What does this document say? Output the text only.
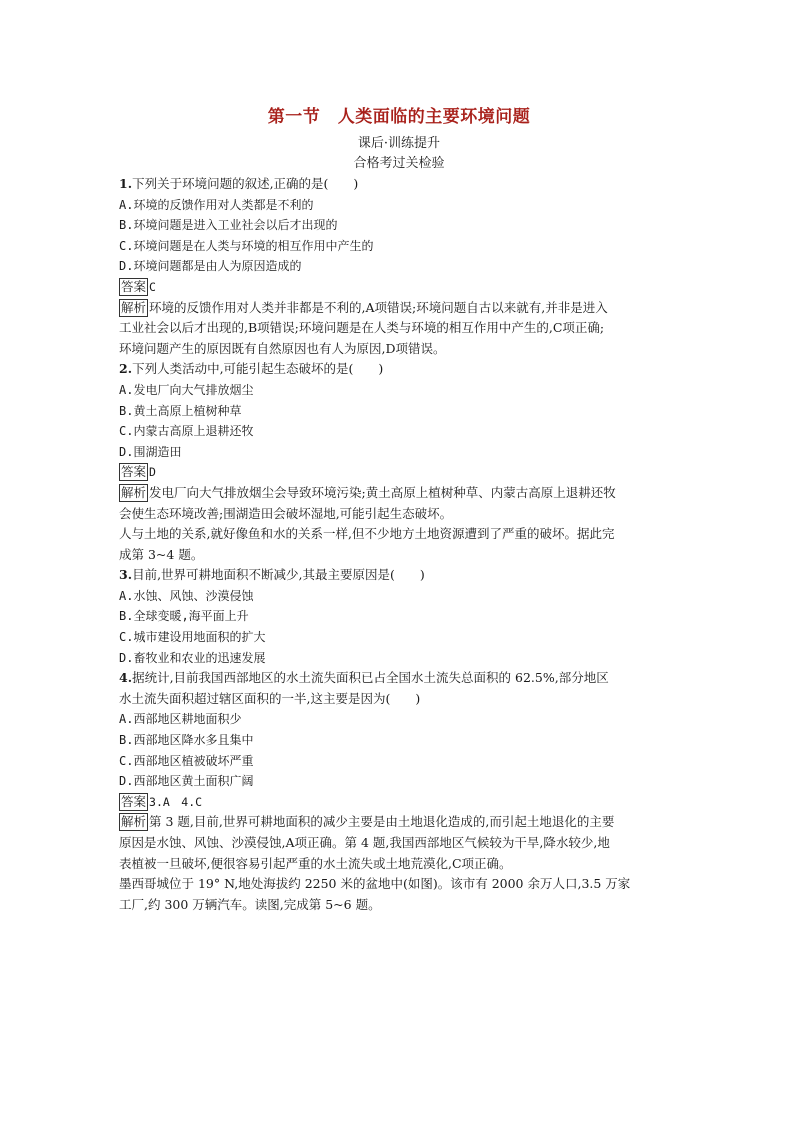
第一节　人类面临的主要环境问题
课后·训练提升
合格考过关检验
1.下列关于环境问题的叙述,正确的是(　　)
A.环境的反馈作用对人类都是不利的
B.环境问题是进入工业社会以后才出现的
C.环境问题是在人类与环境的相互作用中产生的
D.环境问题都是由人为原因造成的
答案 C
解析 环境的反馈作用对人类并非都是不利的,A项错误;环境问题自古以来就有,并非是进入
工业社会以后才出现的,B项错误;环境问题是在人类与环境的相互作用中产生的,C项正确;
环境问题产生的原因既有自然原因也有人为原因,D项错误。
2.下列人类活动中,可能引起生态破坏的是(　　)
A.发电厂向大气排放烟尘
B.黄土高原上植树种草
C.内蒙古高原上退耕还牧
D.围湖造田
答案 D
解析 发电厂向大气排放烟尘会导致环境污染;黄土高原上植树种草、内蒙古高原上退耕还牧
会使生态环境改善;围湖造田会破坏湿地,可能引起生态破坏。
人与土地的关系,就好像鱼和水的关系一样,但不少地方土地资源遭到了严重的破坏。据此完
成第 3~4 题。
3.目前,世界可耕地面积不断减少,其最主要原因是(　　)
A.水蚀、风蚀、沙漠侵蚀
B.全球变暖,海平面上升
C.城市建设用地面积的扩大
D.畜牧业和农业的迅速发展
4.据统计,目前我国西部地区的水土流失面积已占全国水土流失总面积的 62.5%,部分地区
水土流失面积超过辖区面积的一半,这主要是因为(　　)
A.西部地区耕地面积少
B.西部地区降水多且集中
C.西部地区植被破坏严重
D.西部地区黄土面积广阔
答案 3.A　4.C
解析 第 3 题,目前,世界可耕地面积的减少主要是由土地退化造成的,而引起土地退化的主要
原因是水蚀、风蚀、沙漠侵蚀,A项正确。第 4 题,我国西部地区气候较为干旱,降水较少,地
表植被一旦破坏,便很容易引起严重的水土流失或土地荒漠化,C项正确。
墨西哥城位于 19° N,地处海拔约 2250 米的盆地中(如图)。该市有 2000 余万人口,3.5 万家
工厂,约 300 万辆汽车。读图,完成第 5~6 题。
